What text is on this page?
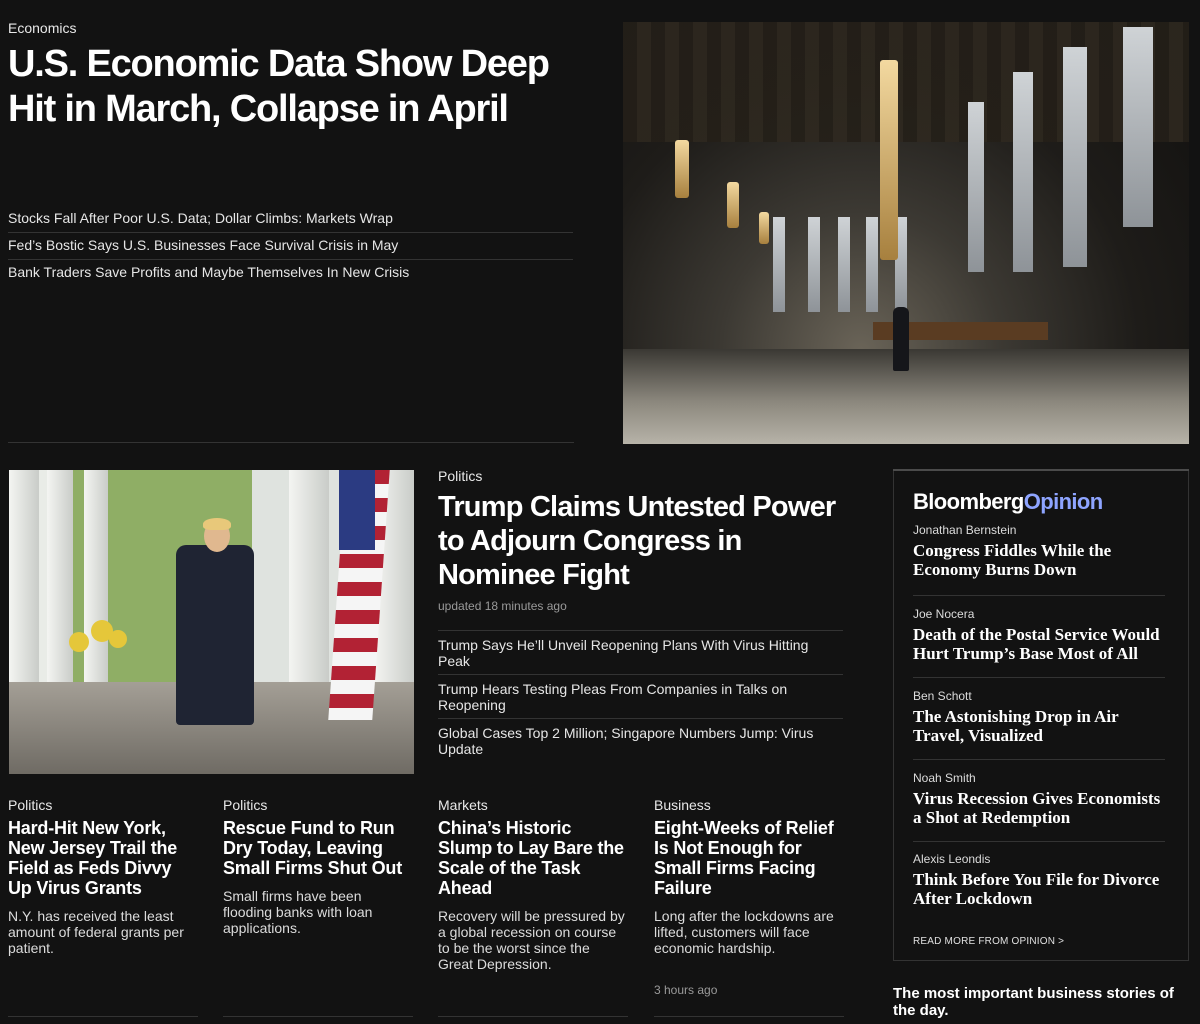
Economics
U.S. Economic Data Show Deep Hit in March, Collapse in April
Stocks Fall After Poor U.S. Data; Dollar Climbs: Markets Wrap
Fed’s Bostic Says U.S. Businesses Face Survival Crisis in May
Bank Traders Save Profits and Maybe Themselves In New Crisis
Politics
Trump Claims Untested Power to Adjourn Congress in Nominee Fight
updated 18 minutes ago
Trump Says He’ll Unveil Reopening Plans With Virus Hitting Peak
Trump Hears Testing Pleas From Companies in Talks on Reopening
Global Cases Top 2 Million; Singapore Numbers Jump: Virus Update
BloombergOpinion
Jonathan Bernstein
Congress Fiddles While the Economy Burns Down
Joe Nocera
Death of the Postal Service Would Hurt Trump’s Base Most of All
Ben Schott
The Astonishing Drop in Air Travel, Visualized
Noah Smith
Virus Recession Gives Economists a Shot at Redemption
Alexis Leondis
Think Before You File for Divorce After Lockdown
READ MORE FROM OPINION >
Politics
Hard-Hit New York, New Jersey Trail the Field as Feds Divvy Up Virus Grants
N.Y. has received the least amount of federal grants per patient.
Politics
Rescue Fund to Run Dry Today, Leaving Small Firms Shut Out
Small firms have been flooding banks with loan applications.
Markets
China’s Historic Slump to Lay Bare the Scale of the Task Ahead
Recovery will be pressured by a global recession on course to be the worst since the Great Depression.
Business
Eight-Weeks of Relief Is Not Enough for Small Firms Facing Failure
Long after the lockdowns are lifted, customers will face economic hardship.
3 hours ago	The most important business stories of the day.
